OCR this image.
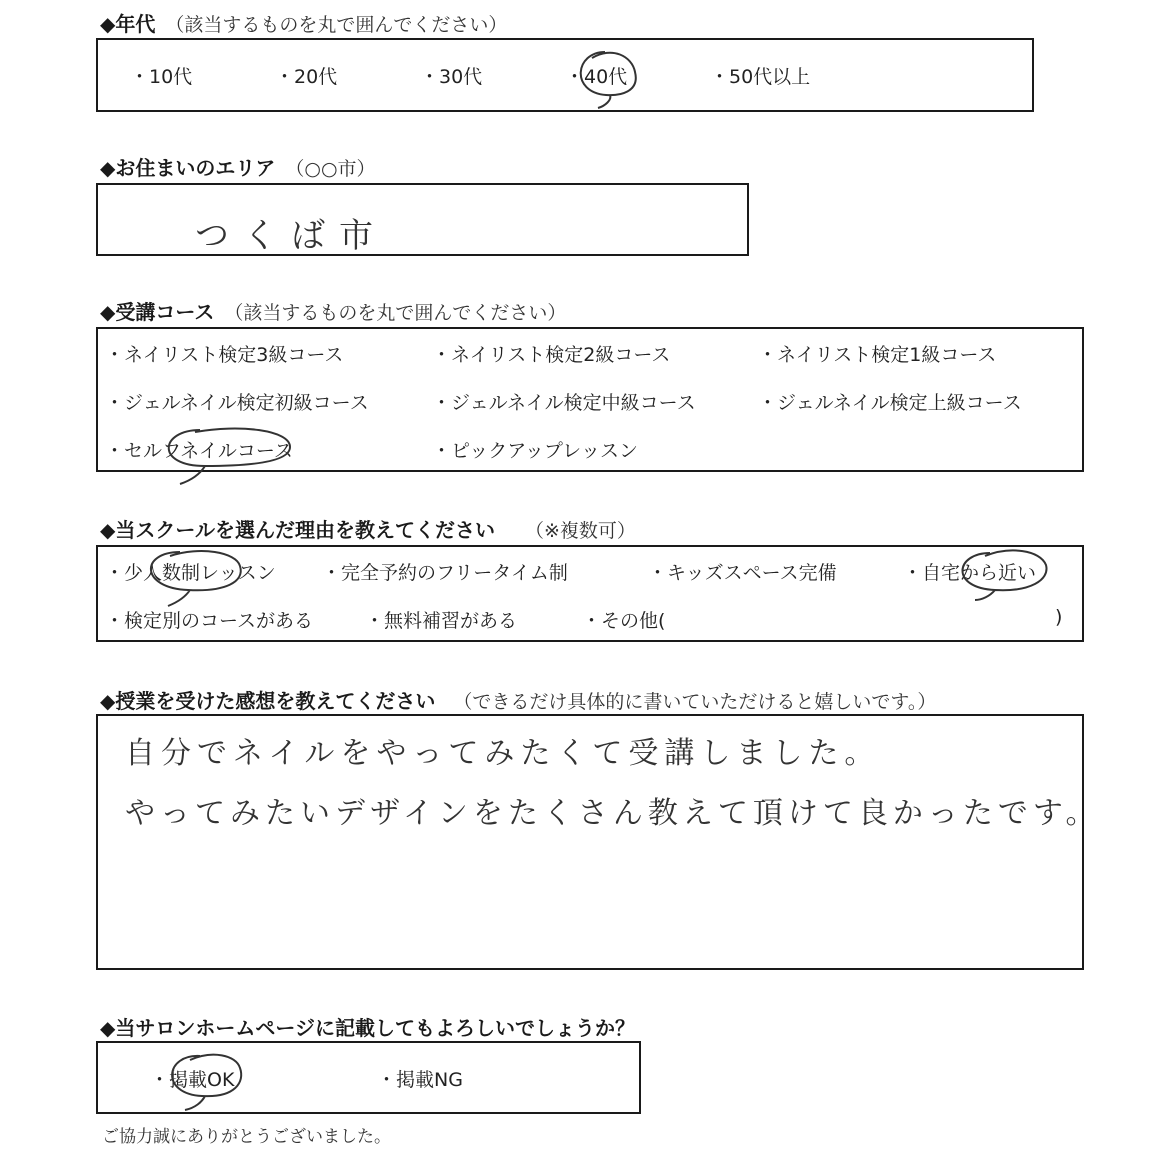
◆年代 （該当するものを丸で囲んでください）
・10代	・20代	・30代	・40代	・50代以上
◆お住まいのエリア （○○市）
つくば市
◆受講コース （該当するものを丸で囲んでください）
・ネイリスト検定3級コース	・ネイリスト検定2級コース	・ネイリスト検定1級コース
・ジェルネイル検定初級コース	・ジェルネイル検定中級コース	・ジェルネイル検定上級コース
・セルフネイルコース	・ピックアップレッスン
◆当スクールを選んだ理由を教えてください （※複数可）
・少人数制レッスン ・完全予約のフリータイム制	・キッズスペース完備	・自宅から近い
・検定別のコースがある	・無料補習がある	・その他(	)
◆授業を受けた感想を教えてください （できるだけ具体的に書いていただけると嬉しいです。）
自分でネイルをやってみたくて受講しました。
やってみたいデザインをたくさん教えて頂けて良かったです。
◆当サロンホームページに記載してもよろしいでしょうか？
・掲載OK	・掲載NG
ご協力誠にありがとうございました。
